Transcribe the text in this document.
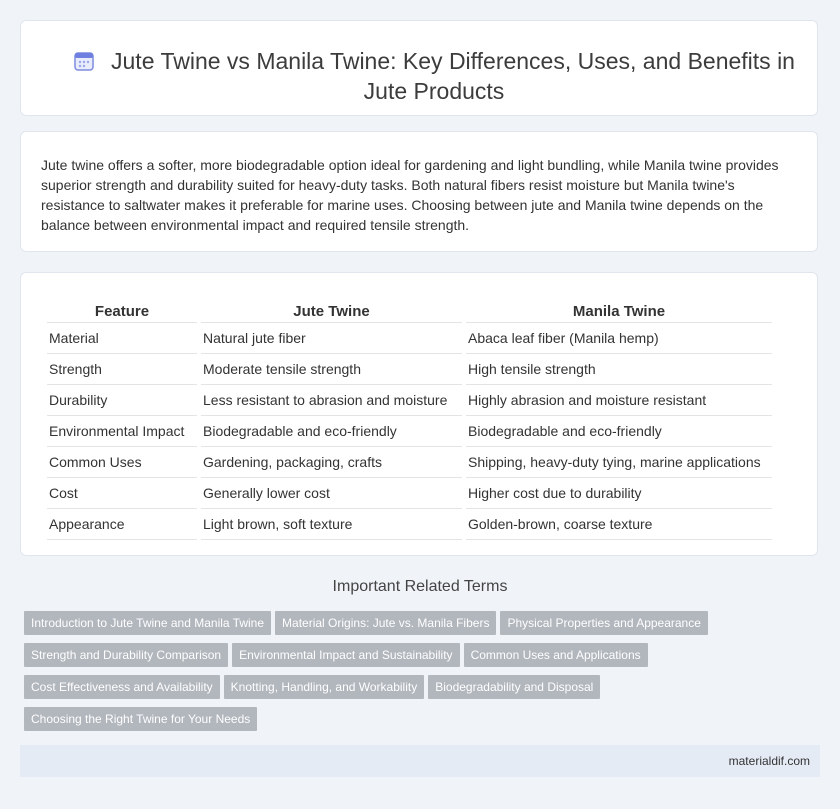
Jute Twine vs Manila Twine: Key Differences, Uses, and Benefits in Jute Products
Jute twine offers a softer, more biodegradable option ideal for gardening and light bundling, while Manila twine provides superior strength and durability suited for heavy-duty tasks. Both natural fibers resist moisture but Manila twine's resistance to saltwater makes it preferable for marine uses. Choosing between jute and Manila twine depends on the balance between environmental impact and required tensile strength.
Feature	Jute Twine	Manila Twine
Material	Natural jute fiber	Abaca leaf fiber (Manila hemp)
Strength	Moderate tensile strength	High tensile strength
Durability	Less resistant to abrasion and moisture	Highly abrasion and moisture resistant
Environmental Impact	Biodegradable and eco-friendly	Biodegradable and eco-friendly
Common Uses	Gardening, packaging, crafts	Shipping, heavy-duty tying, marine applications
Cost	Generally lower cost	Higher cost due to durability
Appearance	Light brown, soft texture	Golden-brown, coarse texture
Important Related Terms
Introduction to Jute Twine and Manila Twine Material Origins: Jute vs. Manila Fibers Physical Properties and Appearance
Strength and Durability Comparison Environmental Impact and Sustainability Common Uses and Applications
Cost Effectiveness and Availability Knotting, Handling, and Workability Biodegradability and Disposal
Choosing the Right Twine for Your Needs
materialdif.com
